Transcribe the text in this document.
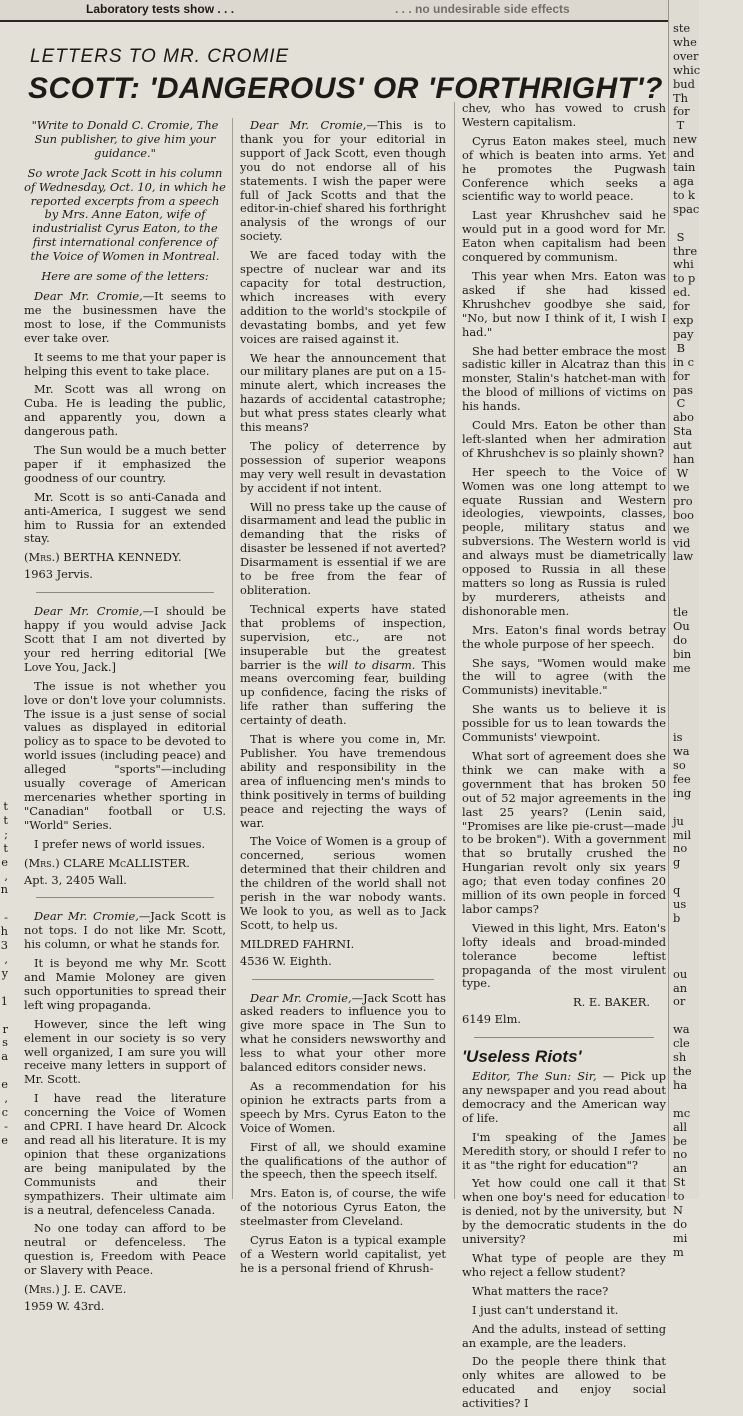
Laboratory tests show . . .	. . . no undesirable side effects
LETTERS TO MR. CROMIE
SCOTT: 'DANGEROUS' OR 'FORTHRIGHT'?

"Write to Donald C. Cromie, The Sun publisher, to give him your guidance."

So wrote Jack Scott in his column of Wednesday, Oct. 10, in which he reported excerpts from a speech by Mrs. Anne Eaton, wife of industrialist Cyrus Eaton, to the first international conference of the Voice of Women in Montreal.

Here are some of the letters:

Dear Mr. Cromie,—It seems to me the businessmen have the most to lose, if the Communists ever take over.

It seems to me that your paper is helping this event to take place.

Mr. Scott was all wrong on Cuba. He is leading the public, and apparently you, down a dangerous path.

The Sun would be a much better paper if it emphasized the goodness of our country.

Mr. Scott is so anti-Canada and anti-America, I suggest we send him to Russia for an extended stay.

(Mrs.) BERTHA KENNEDY.

1963 Jervis.

Dear Mr. Cromie,—I should be happy if you would advise Jack Scott that I am not diverted by your red herring editorial [We Love You, Jack.]

The issue is not whether you love or don't love your columnists. The issue is a just sense of social values as displayed in editorial policy as to space to be devoted to world issues (including peace) and alleged "sports"—including usually coverage of American mercenaries whether sporting in "Canadian" football or U.S. "World" Series.

I prefer news of world issues.

(Mrs.) CLARE McALLISTER.

Apt. 3, 2405 Wall.

Dear Mr. Cromie,—Jack Scott is not tops. I do not like Mr. Scott, his column, or what he stands for.

It is beyond me why Mr. Scott and Mamie Moloney are given such opportunities to spread their left wing propaganda.

However, since the left wing element in our society is so very well organized, I am sure you will receive many letters in support of Mr. Scott.

I have read the literature concerning the Voice of Women and CPRI. I have heard Dr. Alcock and read all his literature. It is my opinion that these organizations are being manipulated by the Communists and their sympathizers. Their ultimate aim is a neutral, defenceless Canada.

No one today can afford to be neutral or defenceless. The question is, Freedom with Peace or Slavery with Peace.

(Mrs.) J. E. CAVE.

1959 W. 43rd.

Dear Mr. Cromie,—This is to thank you for your editorial in support of Jack Scott, even though you do not endorse all of his statements. I wish the paper were full of Jack Scotts and that the editor-in-chief shared his forthright analysis of the wrongs of our society.

We are faced today with the spectre of nuclear war and its capacity for total destruction, which increases with every addition to the world's stockpile of devastating bombs, and yet few voices are raised against it.

We hear the announcement that our military planes are put on a 15-minute alert, which increases the hazards of accidental catastrophe; but what press states clearly what this means?

The policy of deterrence by possession of superior weapons may very well result in devastation by accident if not intent.

Will no press take up the cause of disarmament and lead the public in demanding that the risks of disaster be lessened if not averted? Disarmament is essential if we are to be free from the fear of obliteration.

Technical experts have stated that problems of inspection, supervision, etc., are not insuperable but the greatest barrier is the will to disarm. This means overcoming fear, building up confidence, facing the risks of life rather than suffering the certainty of death.

That is where you come in, Mr. Publisher. You have tremendous ability and responsibility in the area of influencing men's minds to think positively in terms of building peace and rejecting the ways of war.

The Voice of Women is a group of concerned, serious women determined that their children and the children of the world shall not perish in the war nobody wants. We look to you, as well as to Jack Scott, to help us.

MILDRED FAHRNI.

4536 W. Eighth.

Dear Mr. Cromie,—Jack Scott has asked readers to influence you to give more space in The Sun to what he considers newsworthy and less to what your other more balanced editors consider news.

As a recommendation for his opinion he extracts parts from a speech by Mrs. Cyrus Eaton to the Voice of Women.

First of all, we should examine the qualifications of the author of the speech, then the speech itself.

Mrs. Eaton is, of course, the wife of the notorious Cyrus Eaton, the steelmaster from Cleveland.

Cyrus Eaton is a typical example of a Western world capitalist, yet he is a personal friend of Khrush-

chev, who has vowed to crush Western capitalism.

Cyrus Eaton makes steel, much of which is beaten into arms. Yet he promotes the Pugwash Conference which seeks a scientific way to world peace.

Last year Khrushchev said he would put in a good word for Mr. Eaton when capitalism had been conquered by communism.

This year when Mrs. Eaton was asked if she had kissed Khrushchev goodbye she said, "No, but now I think of it, I wish I had."

She had better embrace the most sadistic killer in Alcatraz than this monster, Stalin's hatchet-man with the blood of millions of victims on his hands.

Could Mrs. Eaton be other than left-slanted when her admiration of Khrushchev is so plainly shown?

Her speech to the Voice of Women was one long attempt to equate Russian and Western ideologies, viewpoints, classes, people, military status and subversions. The Western world is and always must be diametrically opposed to Russia in all these matters so long as Russia is ruled by murderers, atheists and dishonorable men.

Mrs. Eaton's final words betray the whole purpose of her speech.

She says, "Women would make the will to agree (with the Communists) inevitable."

She wants us to believe it is possible for us to lean towards the Communists' viewpoint.

What sort of agreement does she think we can make with a government that has broken 50 out of 52 major agreements in the last 25 years? (Lenin said, "Promises are like pie-crust—made to be broken"). With a government that so brutally crushed the Hungarian revolt only six years ago; that even today confines 20 million of its own people in forced labor camps?

Viewed in this light, Mrs. Eaton's lofty ideals and broad-minded tolerance become leftist propaganda of the most virulent type.

R. E. BAKER.

6149 Elm.

'Useless Riots'

Editor, The Sun: Sir, — Pick up any newspaper and you read about democracy and the American way of life.

I'm speaking of the James Meredith story, or should I refer to it as "the right for education"?

Yet how could one call it that when one boy's need for education is denied, not by the university, but by the democratic students in the university?

What type of people are they who reject a fellow student?

What matters the race?

I just can't understand it.

And the adults, instead of setting an example, are the leaders.

Do the people there think that only whites are allowed to be educated and enjoy social activities? I

ste
whe
over
whic
bud
Th
for
T
new
and
tain
aga
to k
spac

S
thre
whi
to p
ed.
for
exp
pay
B
in c
for
pas
C
abo
Sta
aut
han
W
we
pro
boo
we
vid
law

tle
Ou
do
bin
me

is
wa
so
fee
ing

ju
mil
no
g

q
us
b

ou
an
or

wa
cle
sh
the
ha

mc
all
be
no
an
St
to
N
do
mi
m
t
t
;
t
e
,
n

-
h
3
,
y

1

r
s
a

e
,
c
-
e
